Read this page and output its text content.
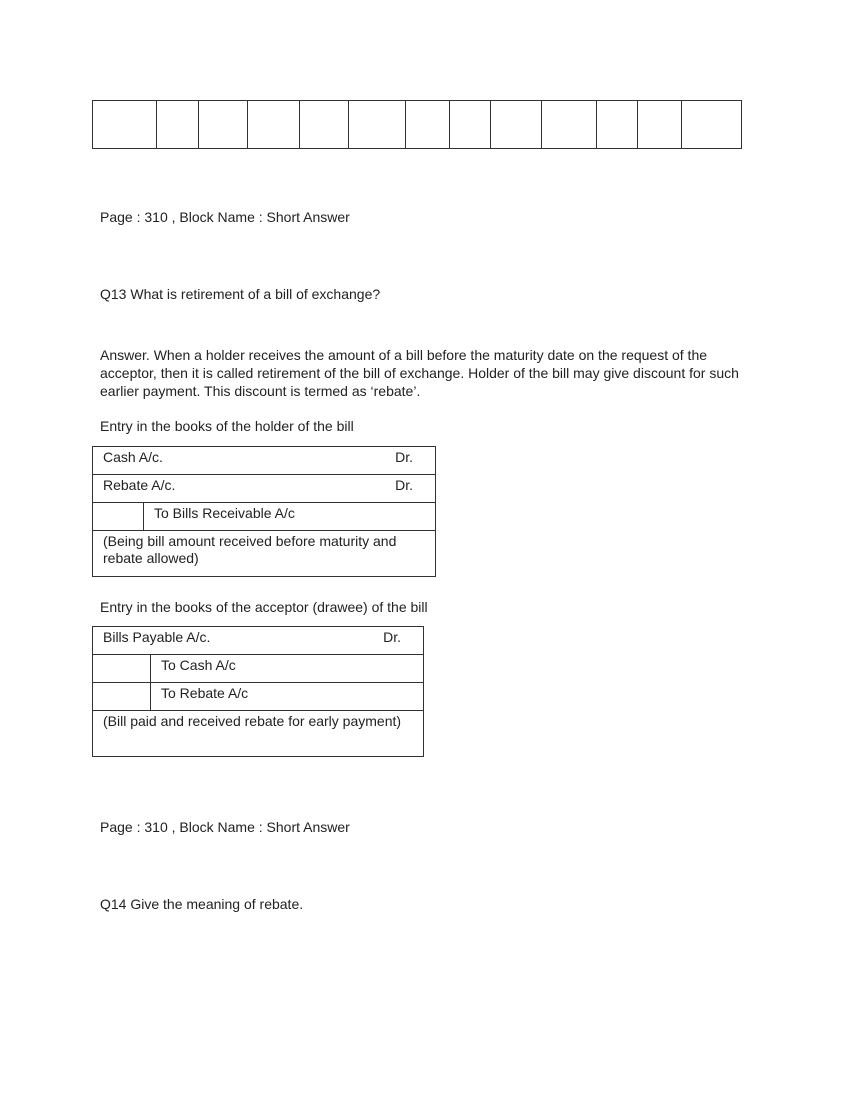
Page : 310 , Block Name : Short Answer
Q13 What is retirement of a bill of exchange?

Answer. When a holder receives the amount of a bill before the maturity date on the request of the acceptor, then it is called retirement of the bill of exchange. Holder of the bill may give discount for such earlier payment. This discount is termed as ‘rebate’.

Entry in the books of the holder of the bill
Cash A/c.	Dr.

Rebate A/c.	Dr.

	To Bills Receivable A/c
(Being bill amount received before maturity and rebate allowed)
Entry in the books of the acceptor (drawee) of the bill
Bills Payable A/c. Dr.	

	To Cash A/c
	To Rebate A/c
(Bill paid and received rebate for early payment)	
Page : 310 , Block Name : Short Answer
Q14 Give the meaning of rebate.
